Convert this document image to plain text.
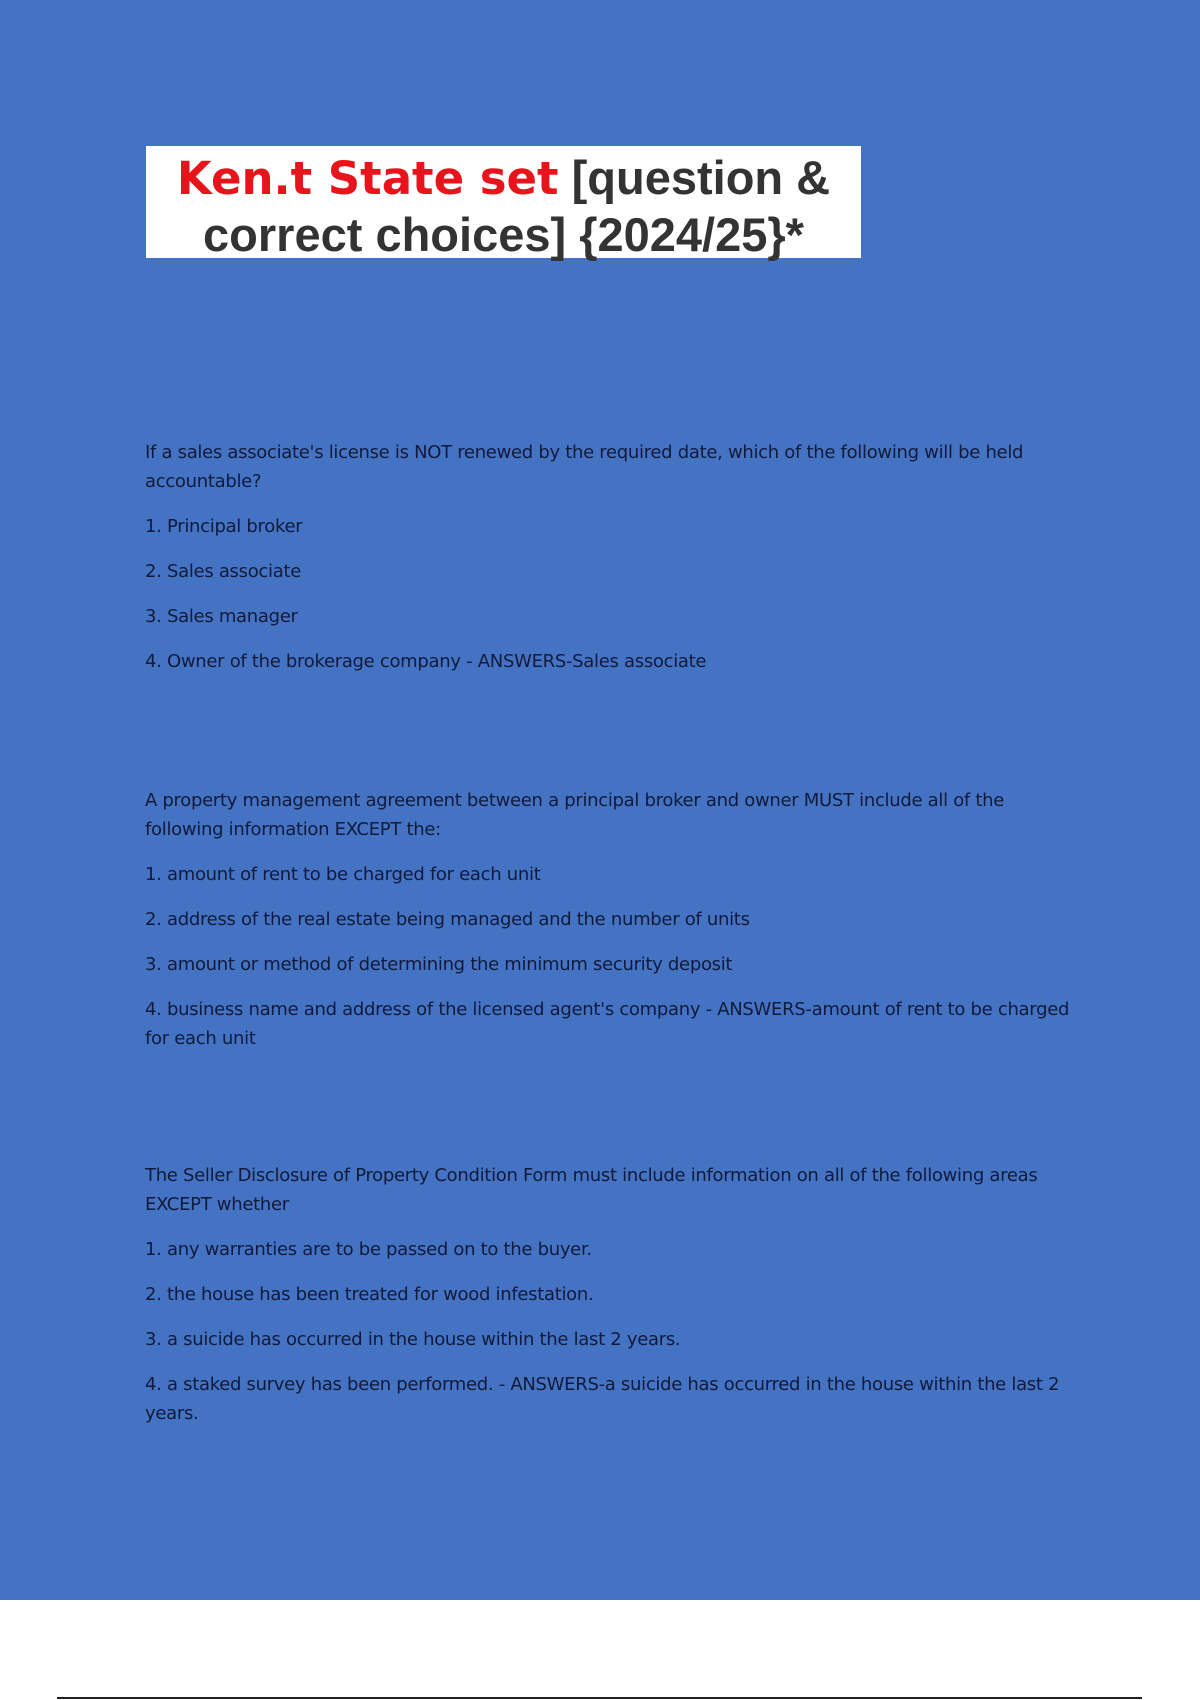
Ken.t State set [question &
correct choices] {2024/25}*

If a sales associate's license is NOT renewed by the required date, which of the following will be held accountable?

1. Principal broker

2. Sales associate

3. Sales manager

4. Owner of the brokerage company - ANSWERS-Sales associate

A property management agreement between a principal broker and owner MUST include all of the following information EXCEPT the:

1. amount of rent to be charged for each unit

2. address of the real estate being managed and the number of units

3. amount or method of determining the minimum security deposit

4. business name and address of the licensed agent's company - ANSWERS-amount of rent to be charged for each unit

The Seller Disclosure of Property Condition Form must include information on all of the following areas EXCEPT whether

1. any warranties are to be passed on to the buyer.

2. the house has been treated for wood infestation.

3. a suicide has occurred in the house within the last 2 years.

4. a staked survey has been performed. - ANSWERS-a suicide has occurred in the house within the last 2 years.
